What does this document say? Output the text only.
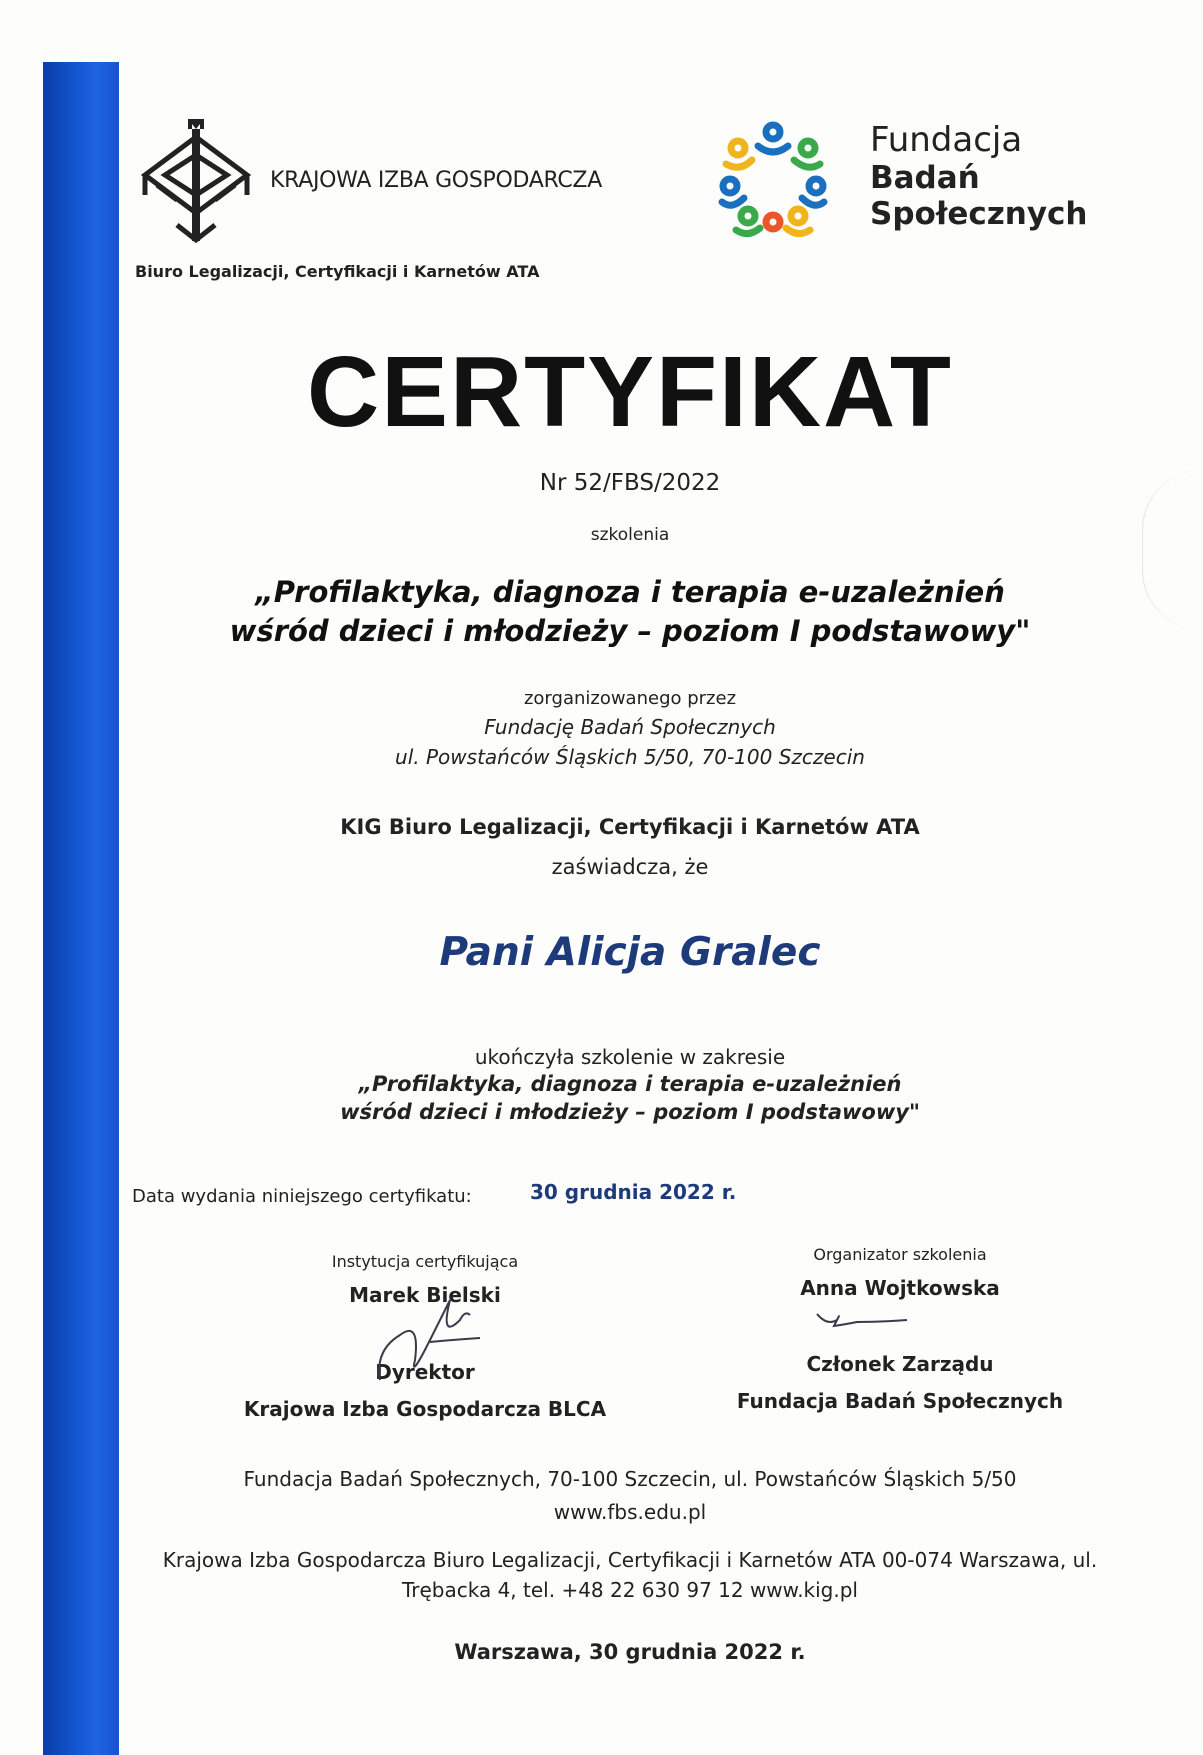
KRAJOWA IZBA GOSPODARCZA
Biuro Legalizacji, Certyfikacji i Karnetów ATA
Fundacja
Badań
Społecznych
CERTYFIKAT
Nr 52/FBS/2022
szkolenia
„Profilaktyka, diagnoza i terapia e-uzależnień
wśród dzieci i młodzieży – poziom I podstawowy"
zorganizowanego przez
Fundację Badań Społecznych
ul. Powstańców Śląskich 5/50, 70-100 Szczecin
KIG Biuro Legalizacji, Certyfikacji i Karnetów ATA
zaświadcza, że
Pani Alicja Gralec
ukończyła szkolenie w zakresie
„Profilaktyka, diagnoza i terapia e-uzależnień
wśród dzieci i młodzieży – poziom I podstawowy"
Data wydania niniejszego certyfikatu:	30 grudnia 2022 r.
Instytucja certyfikująca
Marek Bielski
Dyrektor
Krajowa Izba Gospodarcza BLCA
Organizator szkolenia
Anna Wojtkowska
Członek Zarządu
Fundacja Badań Społecznych
Fundacja Badań Społecznych, 70-100 Szczecin, ul. Powstańców Śląskich 5/50
www.fbs.edu.pl
Krajowa Izba Gospodarcza Biuro Legalizacji, Certyfikacji i Karnetów ATA 00-074 Warszawa, ul.
Trębacka 4, tel. +48 22 630 97 12 www.kig.pl
Warszawa, 30 grudnia 2022 r.
